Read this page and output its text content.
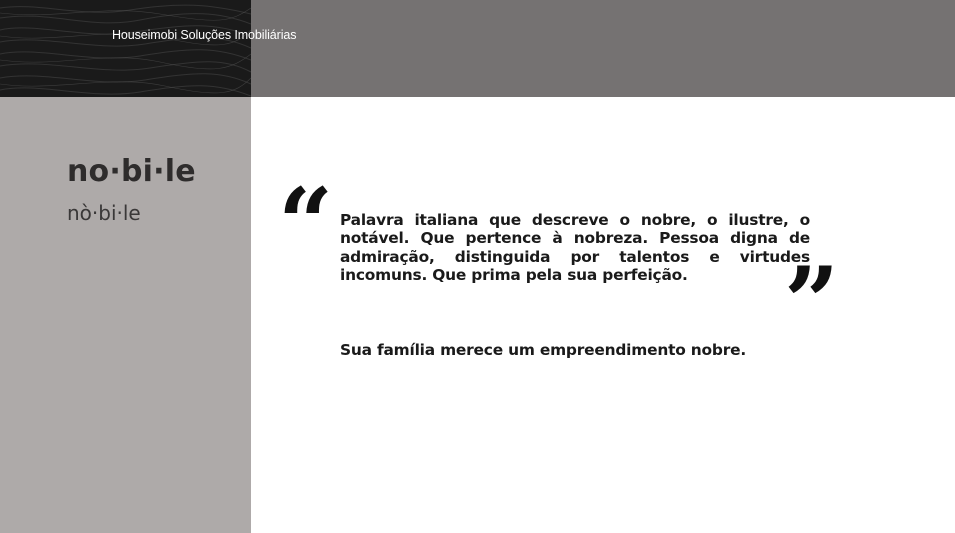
Houseimobi Soluções Imobiliárias
no·bi·le
nò·bi·le “ Palavra italiana que descreve o nobre, o ilustre, o notável. Que pertence à nobreza. Pessoa digna de admiração, distinguida por talentos e virtudes incomuns. Que prima pela sua perfeição.	”
Sua família merece um empreendimento nobre.
